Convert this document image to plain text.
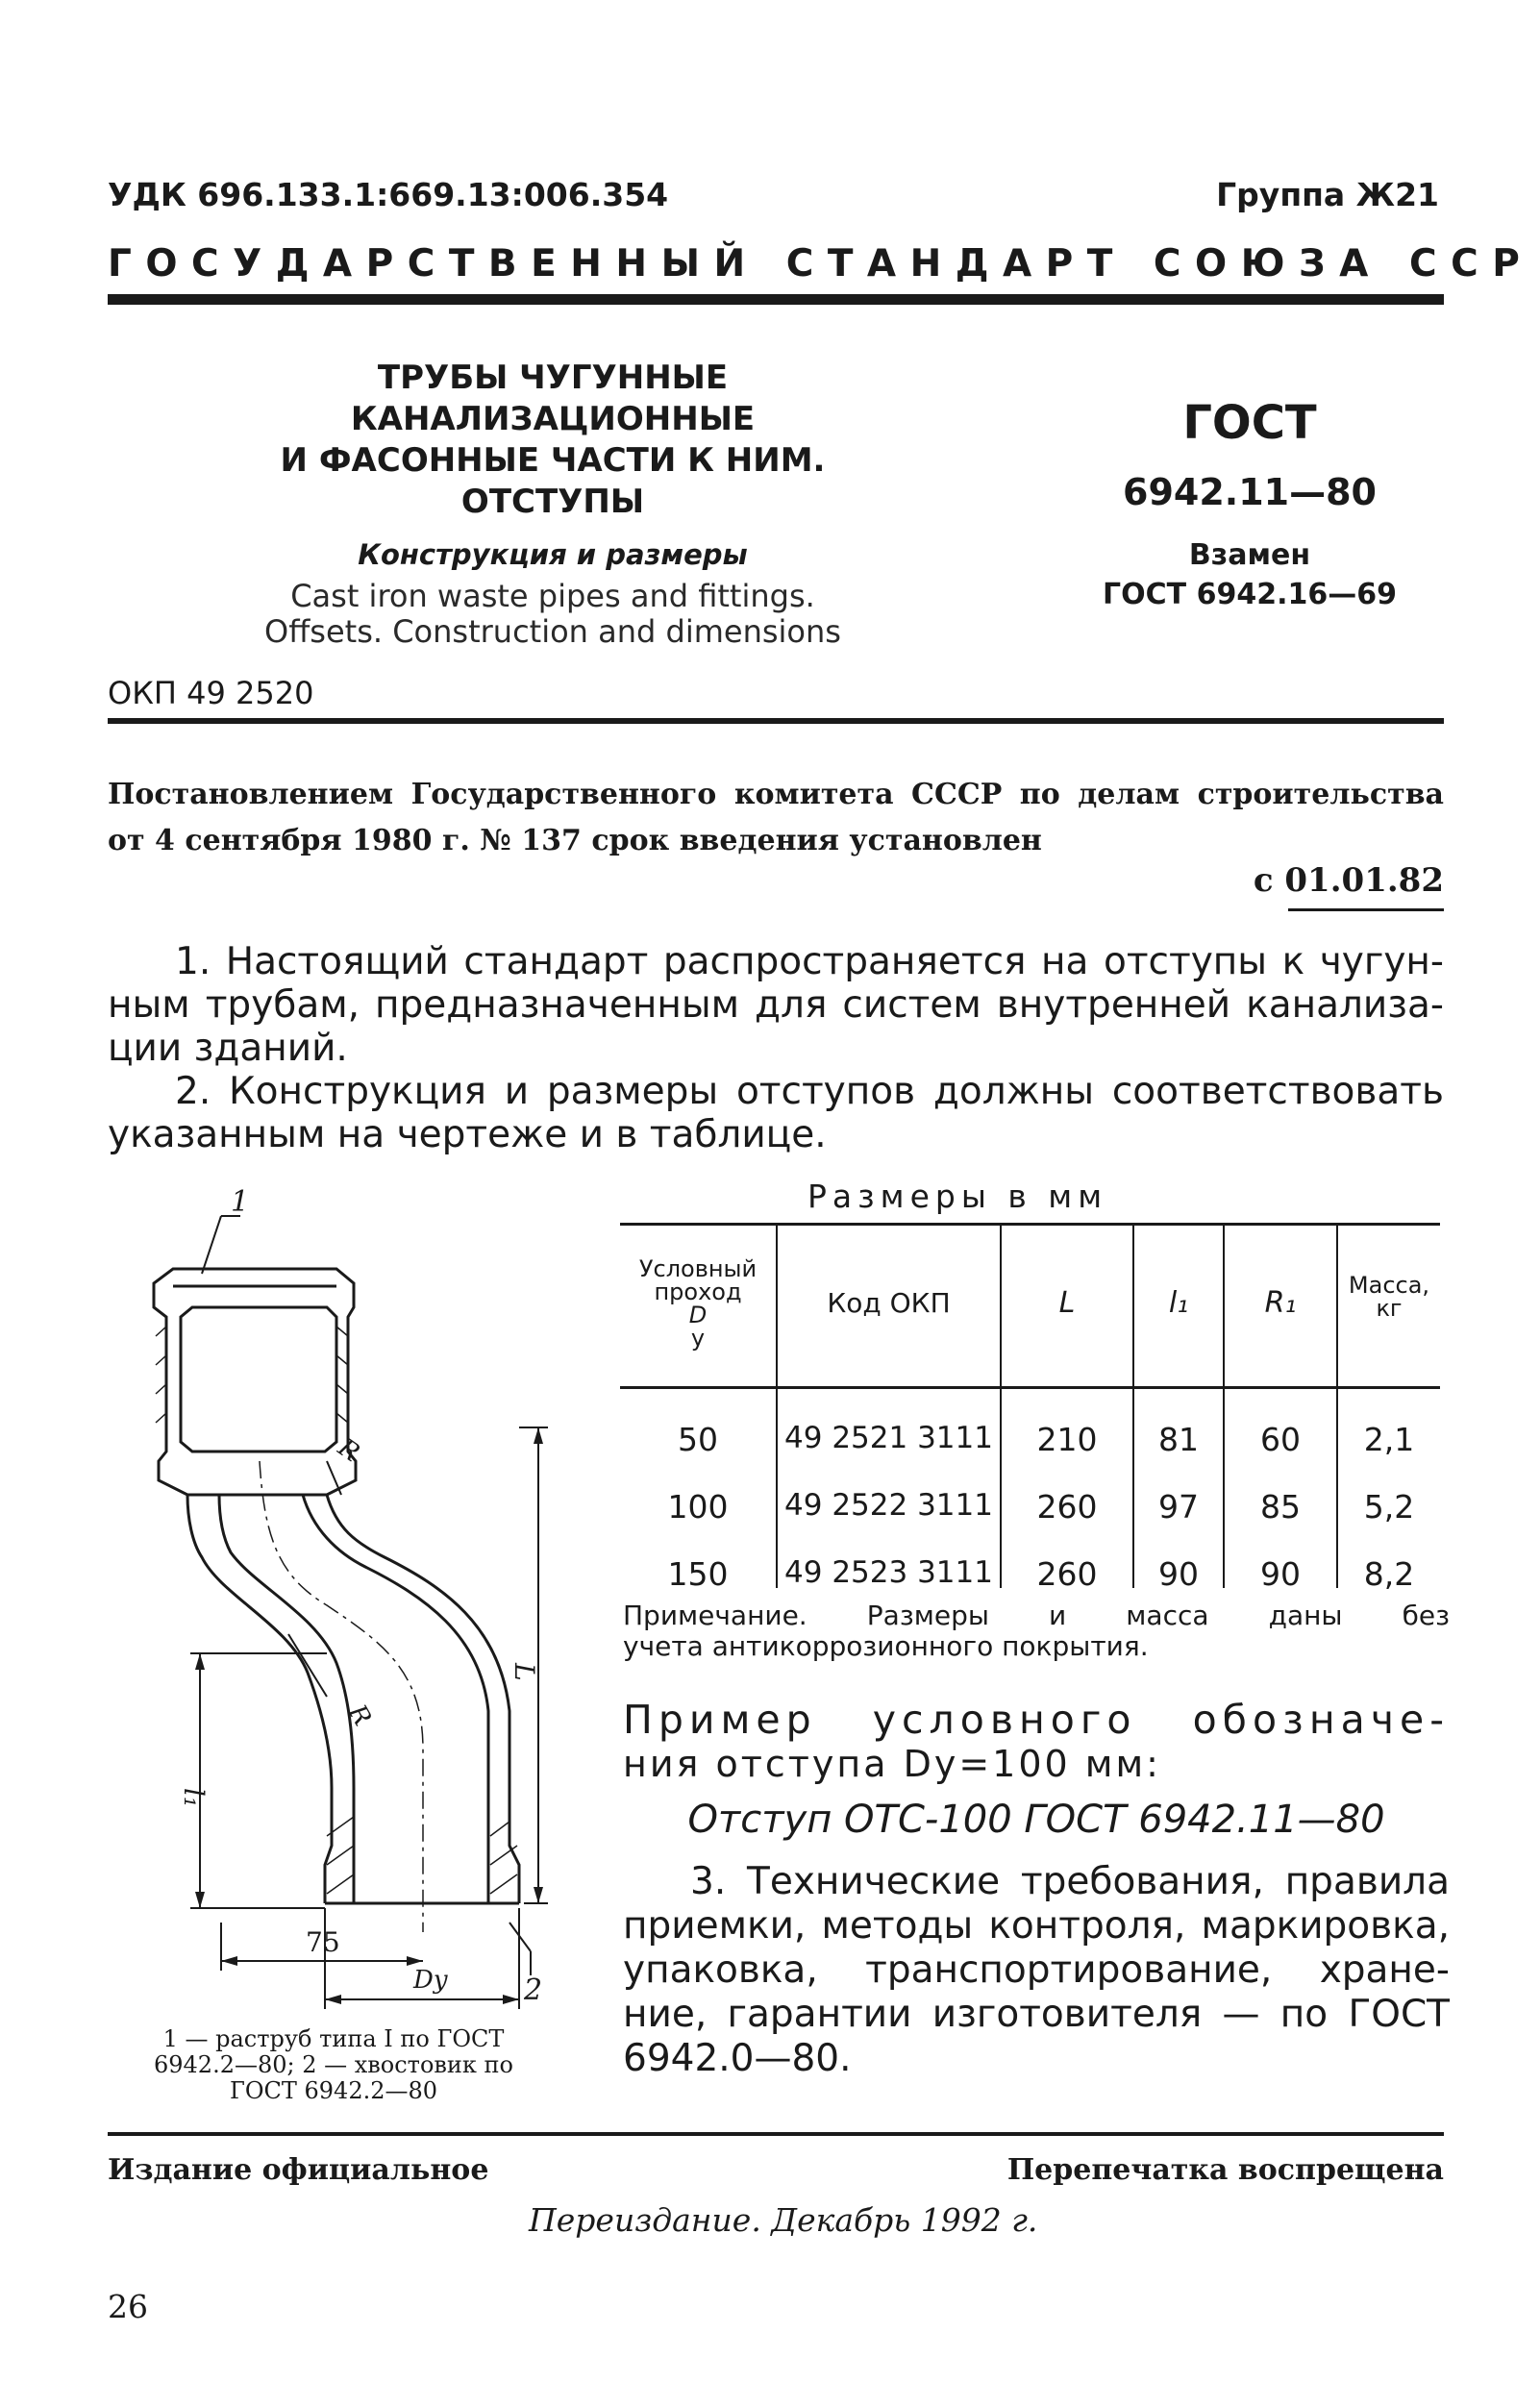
УДК 696.133.1:669.13:006.354	Группа Ж21
ГОСУДАРСТВЕННЫЙ СТАНДАРТ СОЮЗА ССР
ТРУБЫ ЧУГУННЫЕ КАНАЛИЗАЦИОННЫЕ
И ФАСОННЫЕ ЧАСТИ К НИМ.
ОТСТУПЫ
Конструкция и размеры
Cast iron waste pipes and fittings.
Offsets. Construction and dimensions
ГОСТ
6942.11—80
Взамен
ГОСТ 6942.16—69
ОКП 49 2520
Постановлением Государственного комитета СССР по делам строительства
от 4 сентября 1980 г. № 137 срок введения установлен
с 01.01.82
1. Настоящий стандарт распространяется на отступы к чугун-
ным трубам, предназначенным для систем внутренней канализа-
ции зданий.
2. Конструкция и размеры отступов должны соответствовать
указанным на чертеже и в таблице.
Размеры в мм
Условный
проход
D
у
Код ОКП	L	l₁	R₁
Масса,
кг
50	49 2521 3111	210	81	60	2,1
100	49 2522 3111	260	97	85	5,2
150	49 2523 3111	260	90	90	8,2
Примечание. Размеры и масса даны без
учета антикоррозионного покрытия.
Пример условного обозначе-
ния отступа Dу=100 мм:
Отступ ОТС-100 ГОСТ 6942.11—80
3. Технические требования, правила
приемки, методы контроля, маркировка,
упаковка, транспортирование, хране-
ние, гарантии изготовителя — по ГОСТ
6942.0—80.
1
2
R
R
L
l₁
75
Dу
1 — раструб типа I по ГОСТ
6942.2—80; 2 — хвостовик по
ГОСТ 6942.2—80
Издание официальное	Перепечатка воспрещена
Переиздание. Декабрь 1992 г.
26
